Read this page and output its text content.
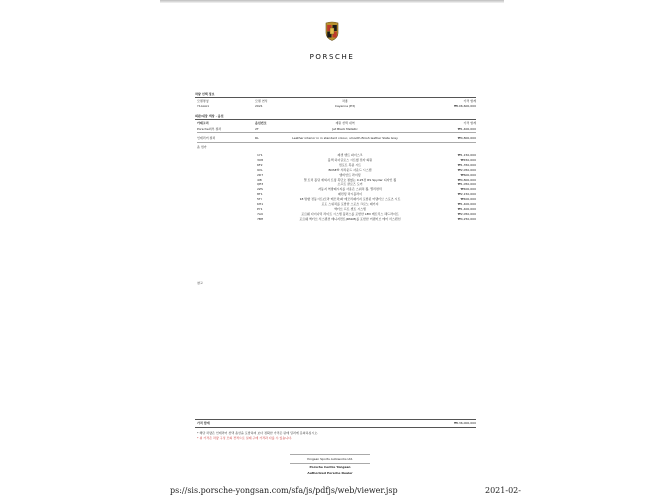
PORSCHE
차량 선택 정보
모델명칭	모델 연식	차종	가격 합계
Y1AAA1	2021	Cayenne (E3)	₩106,600,000
외관/내장 색상 · 옵션
카테고리	옵션번호	재원 선택 내역	가격 합계
Porsche외부 컬러	2T	Jet Black Metallic	₩1,400,000
인테리어 컬러	RL	Leather interior in in standard colour, smooth-finish leather Slate Grey	₩4,800,000
옵 컴카
1Y1	레샌 벤트 파이스크	₩1,150,000
3U8	블랙 하이글로스 시트쉘 전자 의원	₩450,000
6F2	컴포트 혹큼 시트	₩1,350,000
9VL	BOSE® 서라운드 사운드 시스템	₩2,050,000
2D7	엠비언트 라이팅	₩600,000
4I8	열 트리 폴딩 예외지 트렁 혹단오 절없는 0.25전 RS Spyder 디자인 휠	₩4,800,000
QE3	소프트 클로즈 도어	₩1,050,000
2ZS	자동지 역방패시지를 사용은 스위치 휠, 열리면틱	₩400,000
8T1	패런팅 라시플라이	₩2,150,000
5TI	18 방향 전동시트(모라 메모리)와 메모리패키지 포함된 어댑티브 스포츠 시트	₩400,000
KH1	포도 스위치를 포함한 스포츠 크로노 패키지	₩1,400,000
PY1	액티브 프트 센트 시스템	₩1,400,000
7AU	포르쉐 다이나믹 라이트 시스템 플러스를 포함한 LED 매트릭스 헤드라이트	₩2,050,000
7BH	포르쉐 액티브 서스펜션 매니지먼트(PASM)를 포함한 어댑티브 에어 서스펜션	₩4,250,000
참고
가격 합계	₩136,000,000
* 해당 차량은 인테리어 선택 옵션을 포함하며 보다 정확한 가격은 판매 딜러에 문의하십시오.
* 위 가격은 차량 구성 모의 견적으로 실제 구매 가격과 다를 수 있습니다.
Yongsan Sports Autoworks Ltd.
Porsche Centre Yongsan
Authorized Porsche Dealer
ps://sis.porsche-yongsan.com/sfa/js/pdfjs/web/viewer.jsp	2021-02-
